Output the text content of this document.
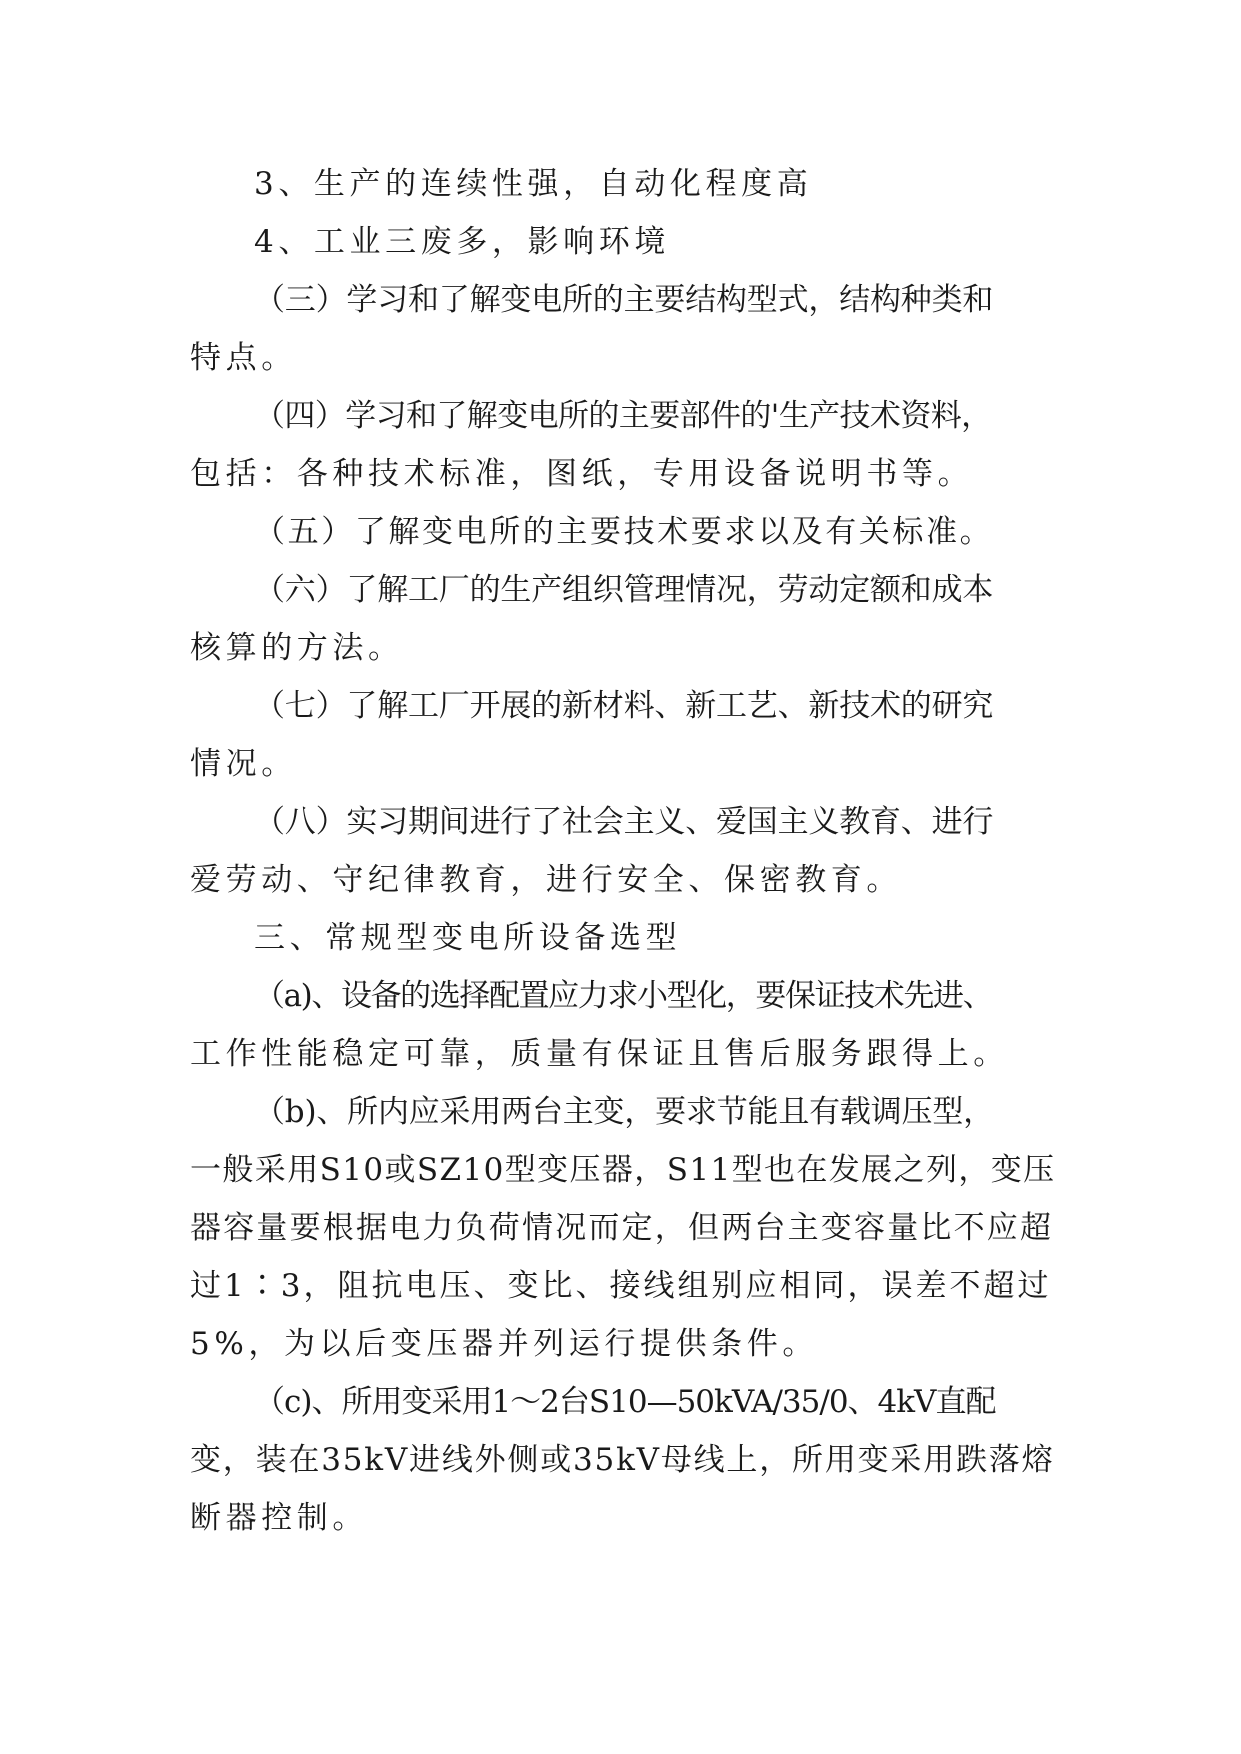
3、生产的连续性强，自动化程度高

4、工业三废多，影响环境

（三）学习和了解变电所的主要结构型式，结构种类和
特点。

（四）学习和了解变电所的主要部件的'生产技术资料，
包括：各种技术标准，图纸，专用设备说明书等。

（五）了解变电所的主要技术要求以及有关标准。

（六）了解工厂的生产组织管理情况，劳动定额和成本
核算的方法。

（七）了解工厂开展的新材料、新工艺、新技术的研究
情况。

（八）实习期间进行了社会主义、爱国主义教育、进行
爱劳动、守纪律教育，进行安全、保密教育。

三、常规型变电所设备选型

（a)、设备的选择配置应力求小型化，要保证技术先进、
工作性能稳定可靠，质量有保证且售后服务跟得上。

（b)、所内应采用两台主变，要求节能且有载调压型，
一般采用S10或SZ10型变压器，S11型也在发展之列，变压
器容量要根据电力负荷情况而定，但两台主变容量比不应超
过1∶3，阻抗电压、变比、接线组别应相同，误差不超过
5%，为以后变压器并列运行提供条件。

（c)、所用变采用1～2台S10—50kVA/35/0、4kV直配
变，装在35kV进线外侧或35kV母线上，所用变采用跌落熔
断器控制。
